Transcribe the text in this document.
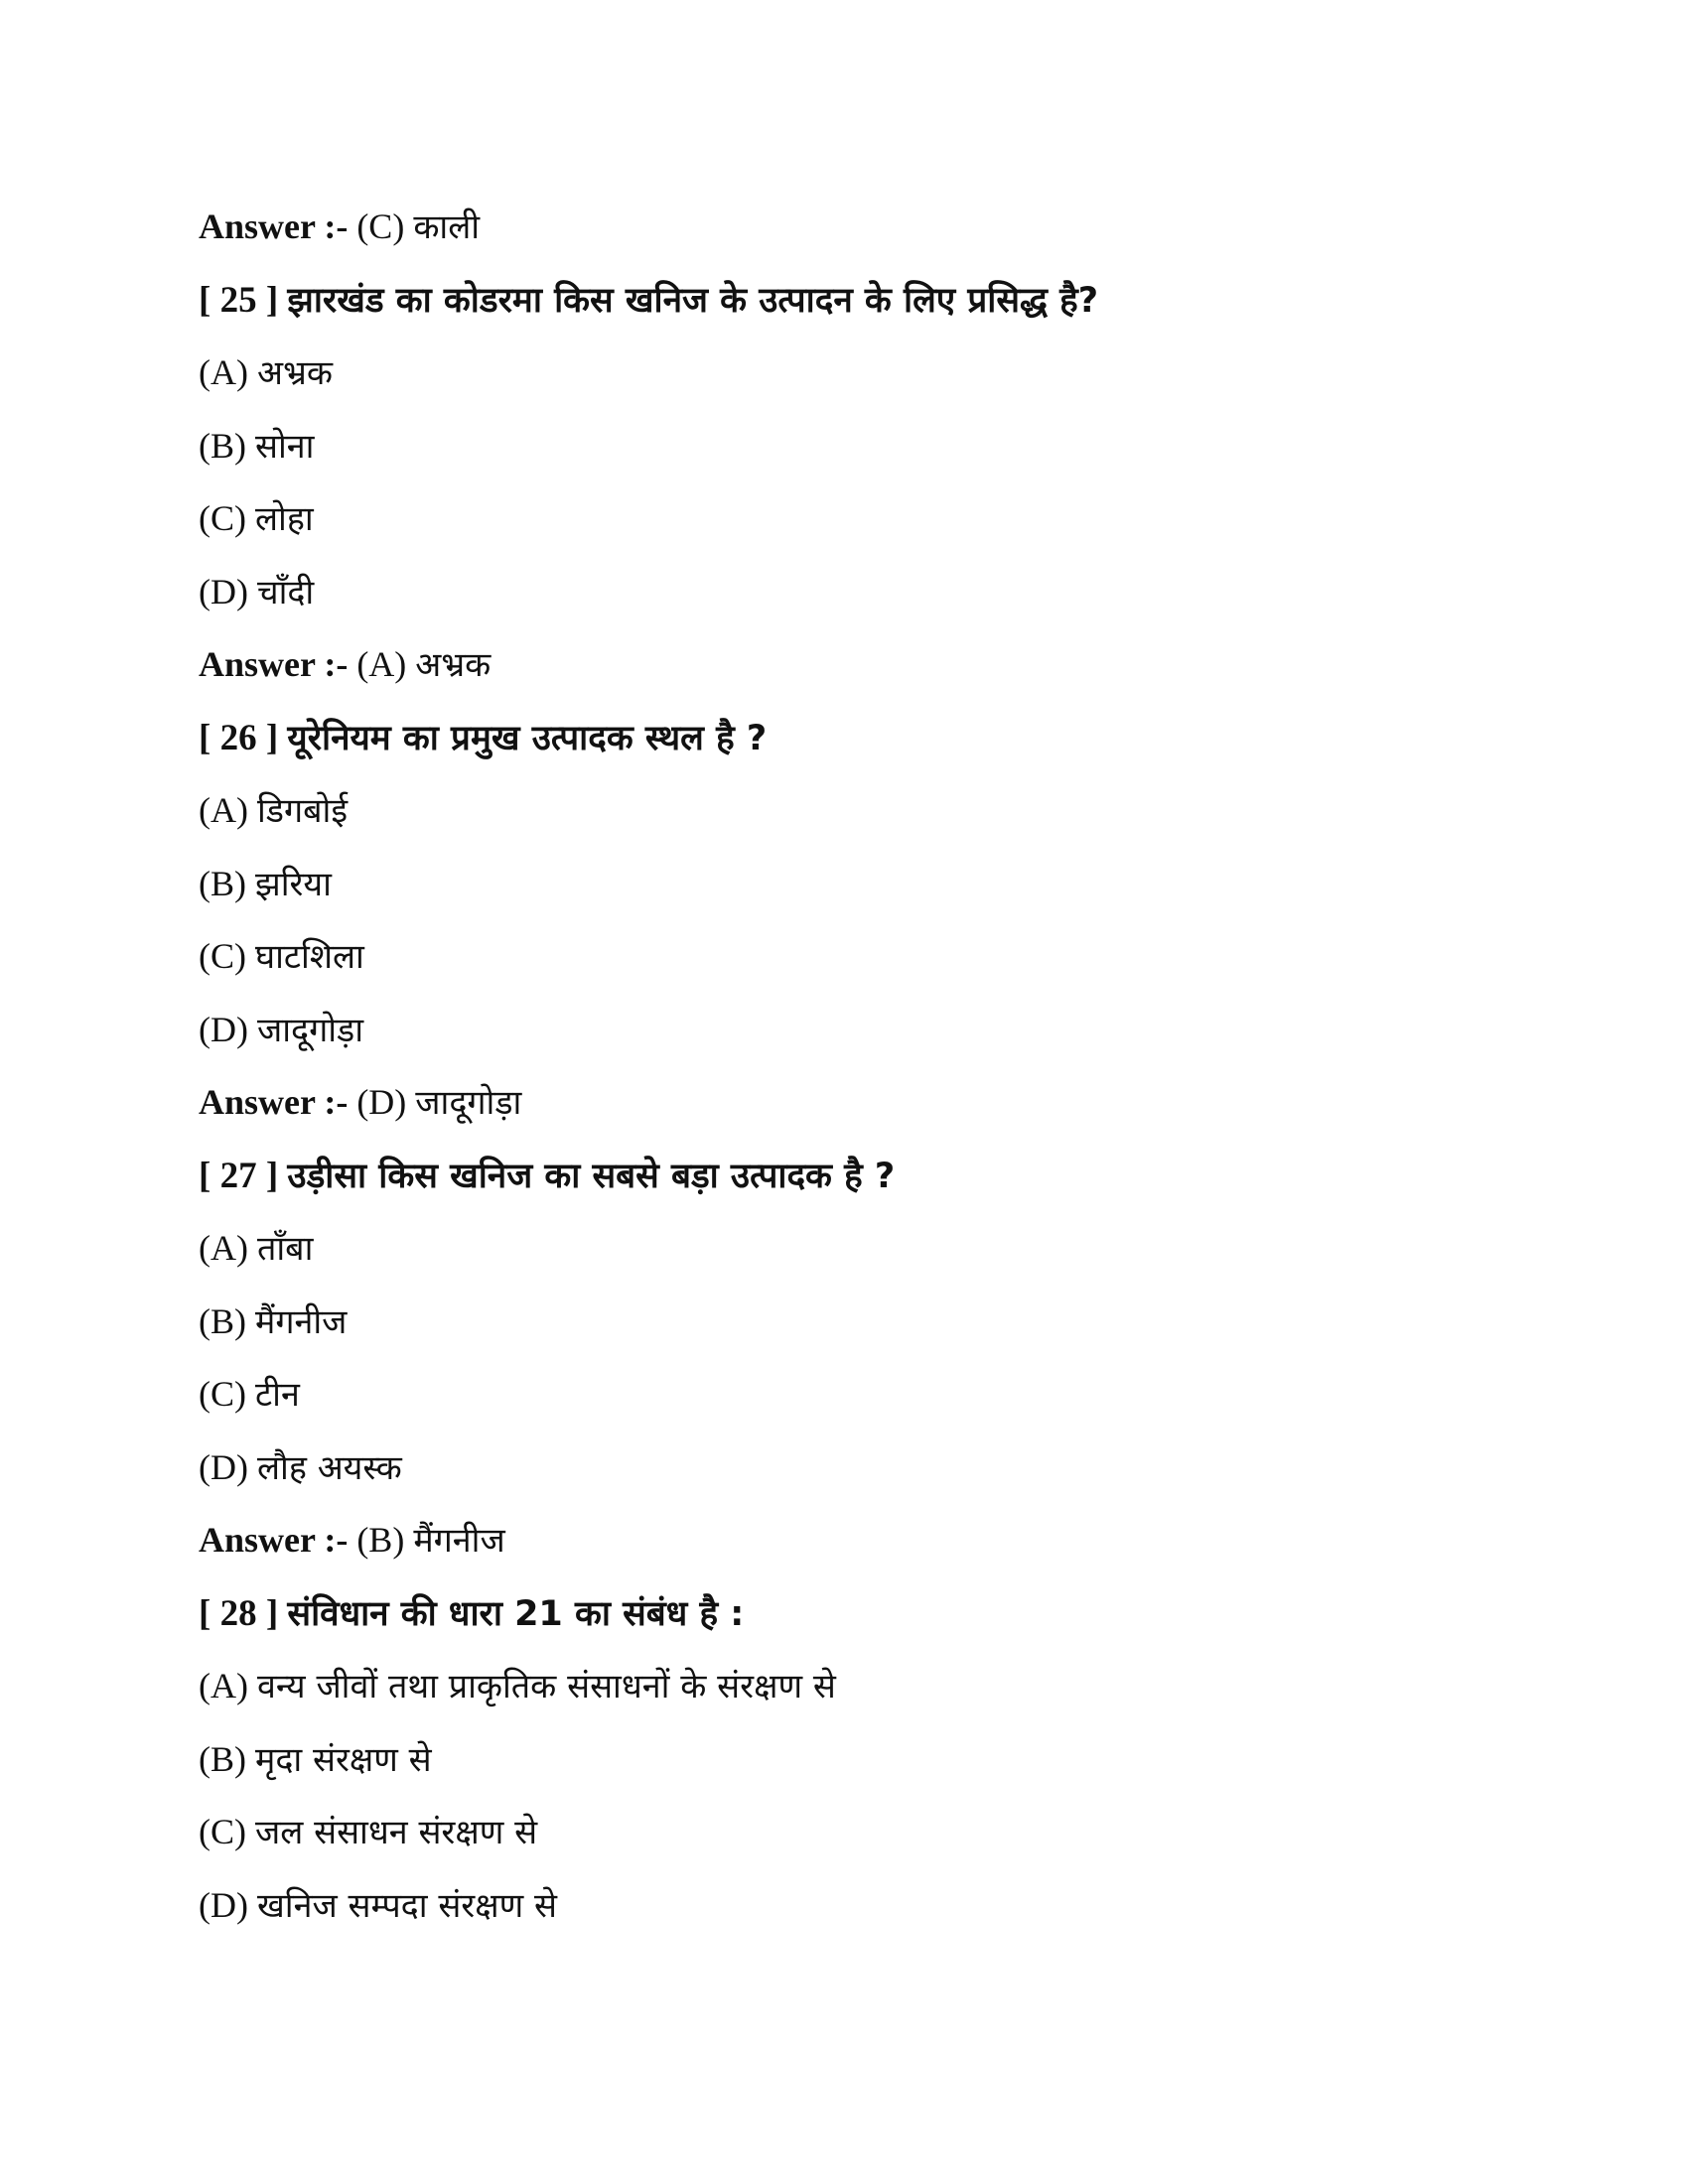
Answer :- (C) काली
[ 25 ] झारखंड का कोडरमा किस खनिज के उत्पादन के लिए प्रसिद्ध है?
(A) अभ्रक
(B) सोना
(C) लोहा
(D) चाँदी
Answer :- (A) अभ्रक
[ 26 ] यूरेनियम का प्रमुख उत्पादक स्थल है ?
(A) डिगबोई
(B) झरिया
(C) घाटशिला
(D) जादूगोड़ा
Answer :- (D) जादूगोड़ा
[ 27 ] उड़ीसा किस खनिज का सबसे बड़ा उत्पादक है ?
(A) ताँबा
(B) मैंगनीज
(C) टीन
(D) लौह अयस्क
Answer :- (B) मैंगनीज
[ 28 ] संविधान की धारा 21 का संबंध है :
(A) वन्य जीवों तथा प्राकृतिक संसाधनों के संरक्षण से
(B) मृदा संरक्षण से
(C) जल संसाधन संरक्षण से
(D) खनिज सम्पदा संरक्षण से
